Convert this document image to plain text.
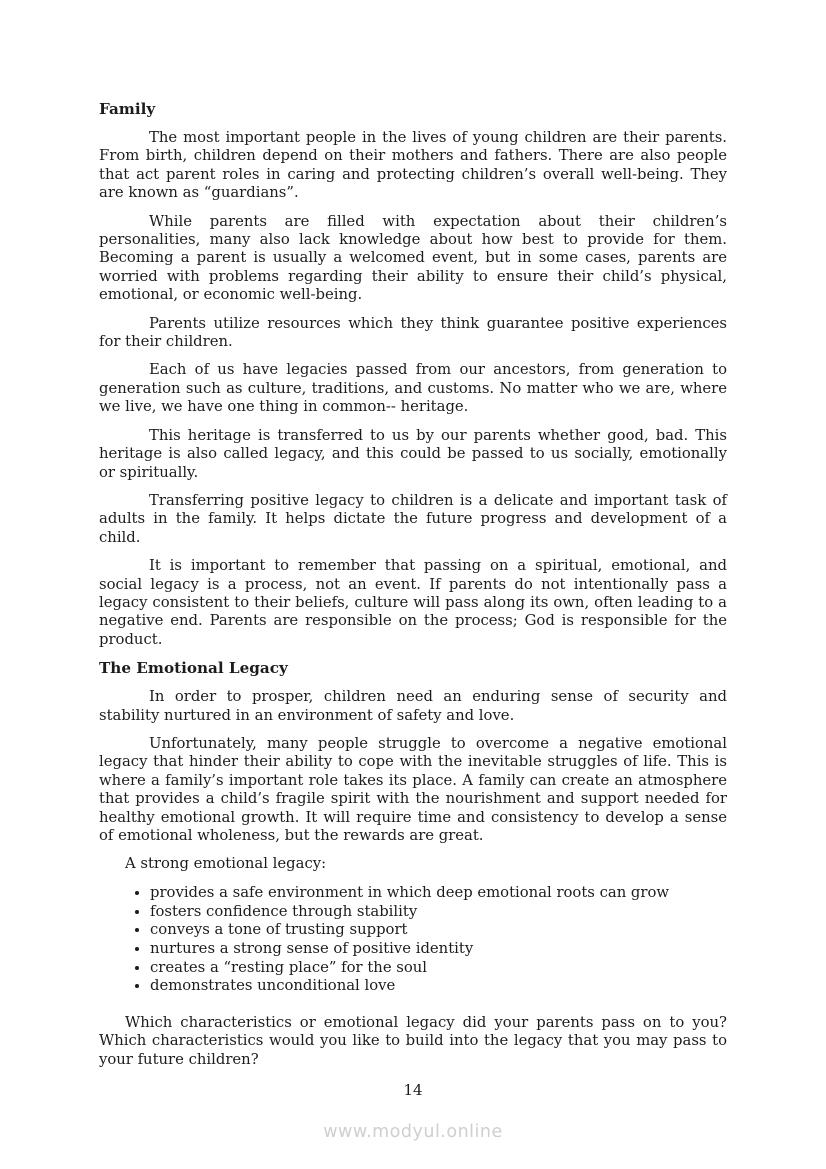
Family

The most important people in the lives of young children are their parents. From birth, children depend on their mothers and fathers. There are also people that act parent roles in caring and protecting children’s overall well-being. They are known as “guardians”.

While parents are filled with expectation about their children’s personalities, many also lack knowledge about how best to provide for them. Becoming a parent is usually a welcomed event, but in some cases, parents are worried with problems regarding their ability to ensure their child’s physical, emotional, or economic well-being.

Parents utilize resources which they think guarantee positive experiences for their children.

Each of us have legacies passed from our ancestors, from generation to generation such as culture, traditions, and customs. No matter who we are, where we live, we have one thing in common-- heritage.

This heritage is transferred to us by our parents whether good, bad. This heritage is also called legacy, and this could be passed to us socially, emotionally or spiritually.

Transferring positive legacy to children is a delicate and important task of adults in the family. It helps dictate the future progress and development of a child.

It is important to remember that passing on a spiritual, emotional, and social legacy is a process, not an event. If parents do not intentionally pass a legacy consistent to their beliefs, culture will pass along its own, often leading to a negative end. Parents are responsible on the process; God is responsible for the product.

The Emotional Legacy

In order to prosper, children need an enduring sense of security and stability nurtured in an environment of safety and love.

Unfortunately, many people struggle to overcome a negative emotional legacy that hinder their ability to cope with the inevitable struggles of life. This is where a family’s important role takes its place. A family can create an atmosphere that provides a child’s fragile spirit with the nourishment and support needed for healthy emotional growth. It will require time and consistency to develop a sense of emotional wholeness, but the rewards are great.

A strong emotional legacy:

• provides a safe environment in which deep emotional roots can grow
• fosters confidence through stability
• conveys a tone of trusting support
• nurtures a strong sense of positive identity
• creates a “resting place” for the soul
• demonstrates unconditional love

Which characteristics or emotional legacy did your parents pass on to you? Which characteristics would you like to build into the legacy that you may pass to your future children?

14
www.modyul.online
